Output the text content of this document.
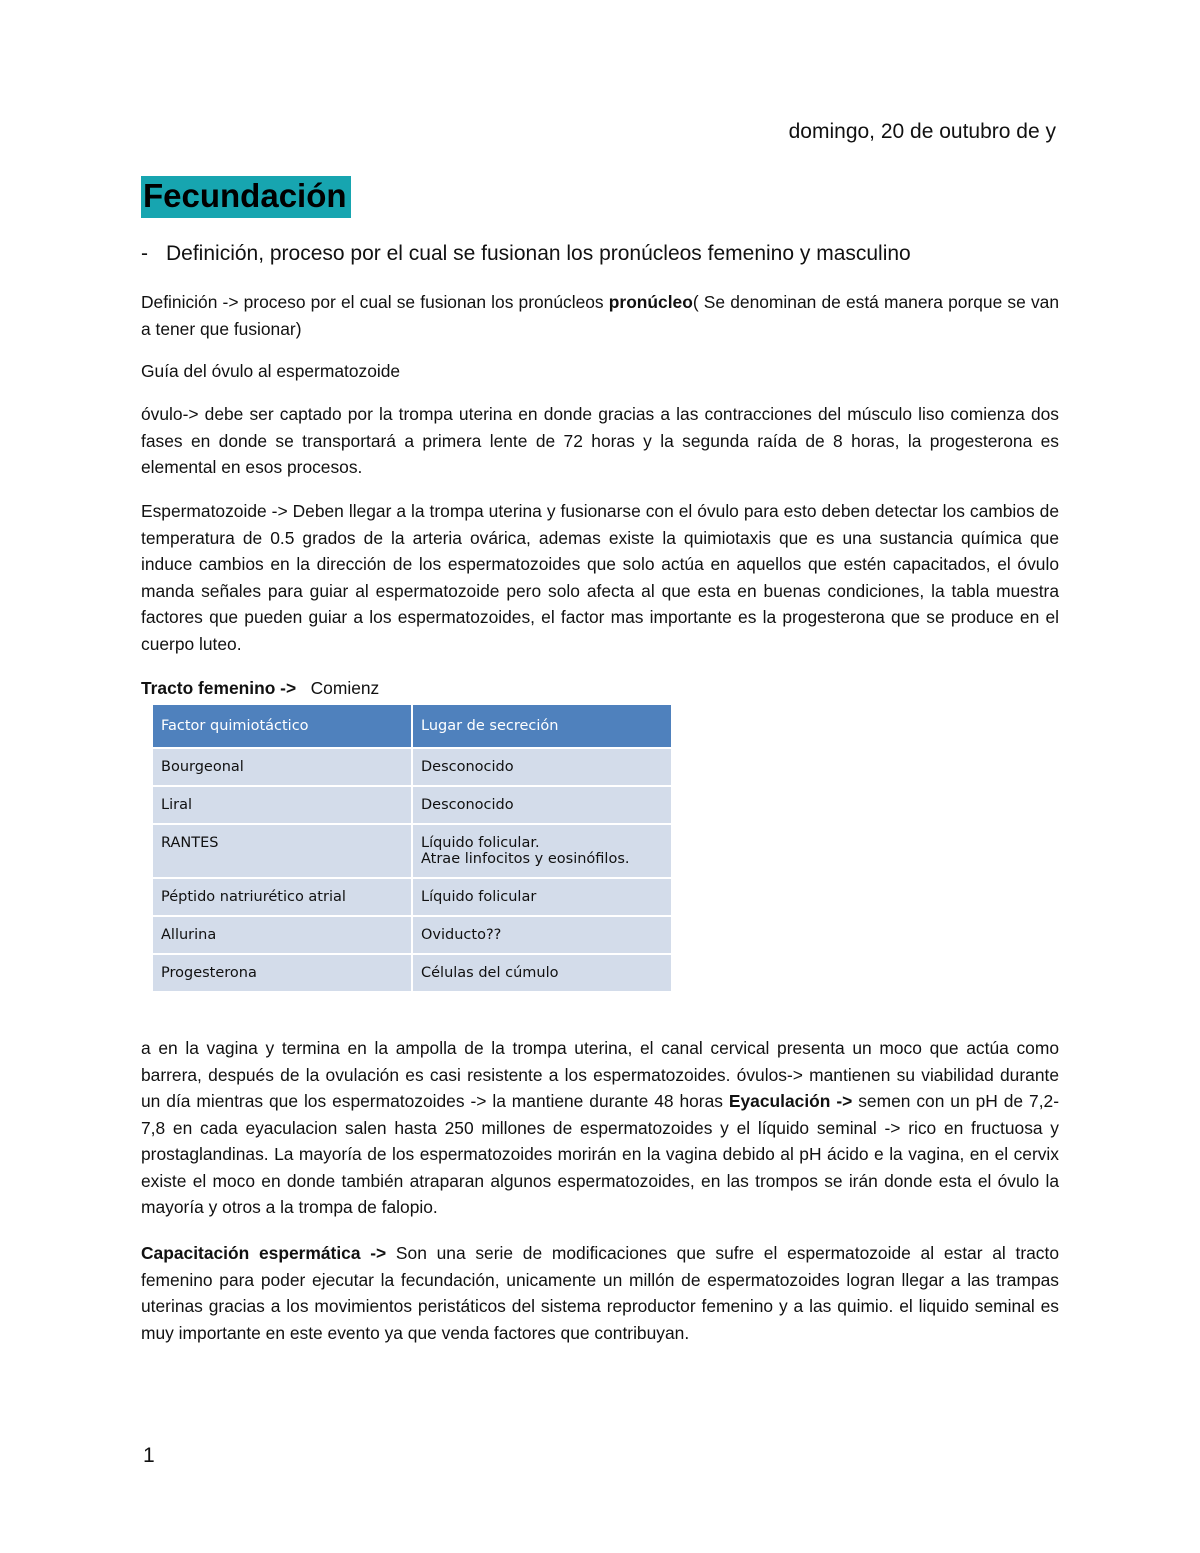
domingo, 20 de outubro de y
Fecundación
- Definición, proceso por el cual se fusionan los pronúcleos femenino y masculino

Definición -> proceso por el cual se fusionan los pronúcleos pronúcleo( Se denominan de está manera porque se van a tener que fusionar)

Guía del óvulo al espermatozoide

óvulo-> debe ser captado por la trompa uterina en donde gracias a las contracciones del músculo liso comienza dos fases en donde se transportará a primera lente de 72 horas y la segunda raída de 8 horas, la progesterona es elemental en esos procesos.

Espermatozoide -> Deben llegar a la trompa uterina y fusionarse con el óvulo para esto deben detectar los cambios de temperatura de 0.5 grados de la arteria ovárica, ademas existe la quimiotaxis que es una sustancia química que induce cambios en la dirección de los espermatozoides que solo actúa en aquellos que estén capacitados, el óvulo manda señales para guiar al espermatozoide pero solo afecta al que esta en buenas condiciones, la tabla muestra factores que pueden guiar a los espermatozoides, el factor mas importante es la progesterona que se produce en el cuerpo luteo.

Tracto femenino -> Comienz

Factor quimiotáctico	Lugar de secreción
Bourgeonal	Desconocido

Liral	Desconocido

RANTES	Líquido folicular.
Atrae linfocitos y eosinófilos.

Péptido natriurético atrial	Líquido folicular

Allurina	Oviducto??

Progesterona	Células del cúmulo

a en la vagina y termina en la ampolla de la trompa uterina, el canal cervical presenta un moco que actúa como barrera, después de la ovulación es casi resistente a los espermatozoides. óvulos-> mantienen su viabilidad durante un día mientras que los espermatozoides -> la mantiene durante 48 horas Eyaculación -> semen con un pH de 7,2-7,8 en cada eyaculacion salen hasta 250 millones de espermatozoides y el líquido seminal -> rico en fructuosa y prostaglandinas. La mayoría de los espermatozoides morirán en la vagina debido al pH ácido e la vagina, en el cervix existe el moco en donde también atraparan algunos espermatozoides, en las trompos se irán donde esta el óvulo la mayoría y otros a la trompa de falopio.

Capacitación espermática -> Son una serie de modificaciones que sufre el espermatozoide al estar al tracto femenino para poder ejecutar la fecundación, unicamente un millón de espermatozoides logran llegar a las trampas uterinas gracias a los movimientos peristáticos del sistema reproductor femenino y a las quimio. el liquido seminal es muy importante en este evento ya que venda factores que contribuyan.

1
